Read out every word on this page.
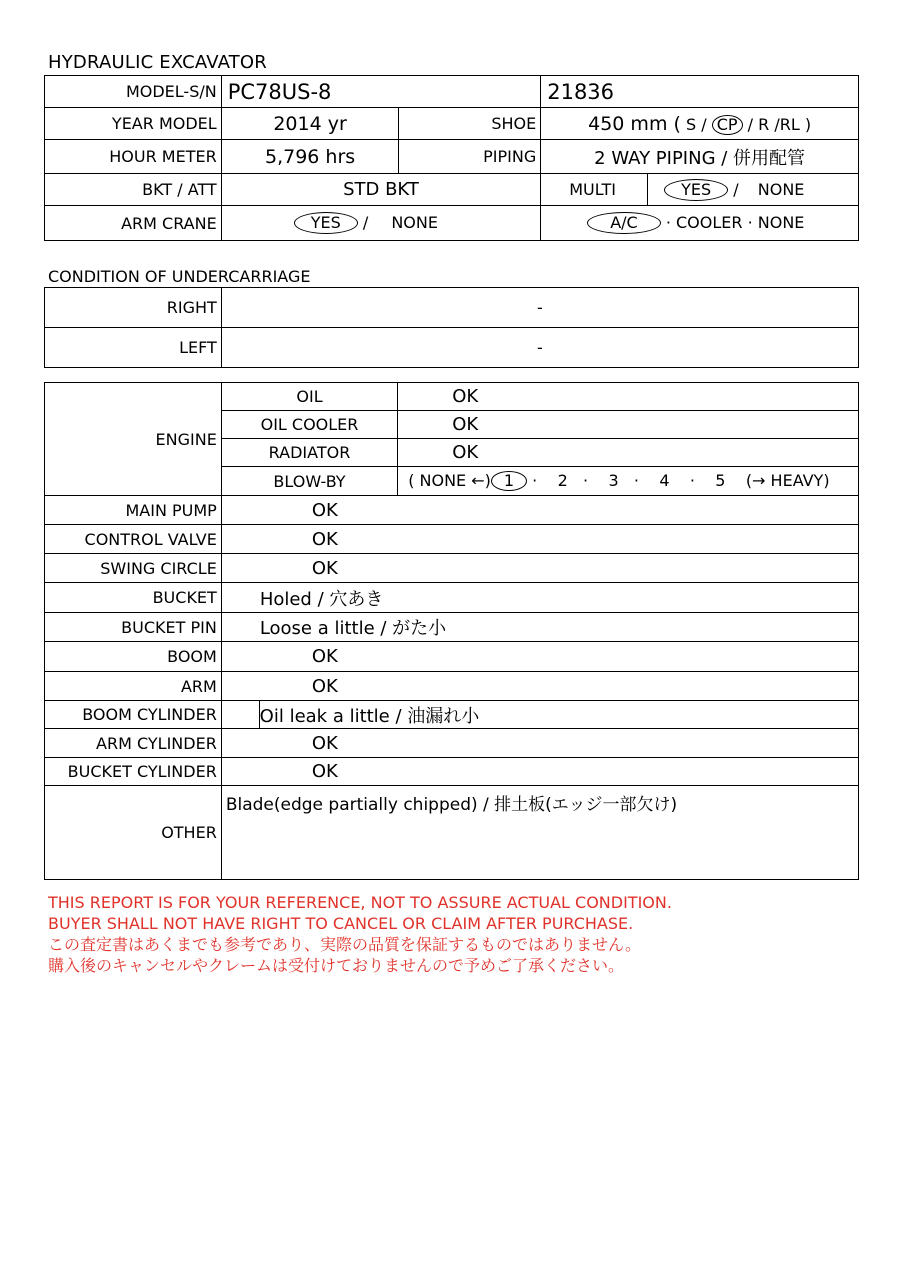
HYDRAULIC EXCAVATOR
MODEL-S/N	PC78US-8		21836	
YEAR MODEL	2014 yr	SHOE	450 mm ( S / CP / R /RL )	
HOUR METER	5,796 hrs	PIPING	2 WAY PIPING / 併用配管	
BKT / ATT	STD BKT		MULTI	YES / NONE
ARM CRANE	YES / NONE		A/C · COOLER · NONE	
CONDITION OF UNDERCARRIAGE
RIGHT	-
LEFT	-
ENGINE	OIL		OK
	OIL COOLER		OK
	RADIATOR		OK
	BLOW-BY		( NONE ←) 1 ·    2   ·    3   ·    4    ·    5    (→ HEAVY)
MAIN PUMP	OK		
CONTROL VALVE	OK		
SWING CIRCLE	OK		
BUCKET	Holed / 穴あき		
BUCKET PIN	Loose a little / がた小		
BOOM	OK		
ARM	OK		
BOOM CYLINDER		Oil leak a little / 油漏れ小	
ARM CYLINDER	OK		
BUCKET CYLINDER	OK		
OTHER	Blade(edge partially chipped) / 排土板(エッジ一部欠け)		
THIS REPORT IS FOR YOUR REFERENCE, NOT TO ASSURE ACTUAL CONDITION.
BUYER SHALL NOT HAVE RIGHT TO CANCEL OR CLAIM AFTER PURCHASE.
この査定書はあくまでも参考であり、実際の品質を保証するものではありません。
購入後のキャンセルやクレームは受付けておりませんので予めご了承ください。
